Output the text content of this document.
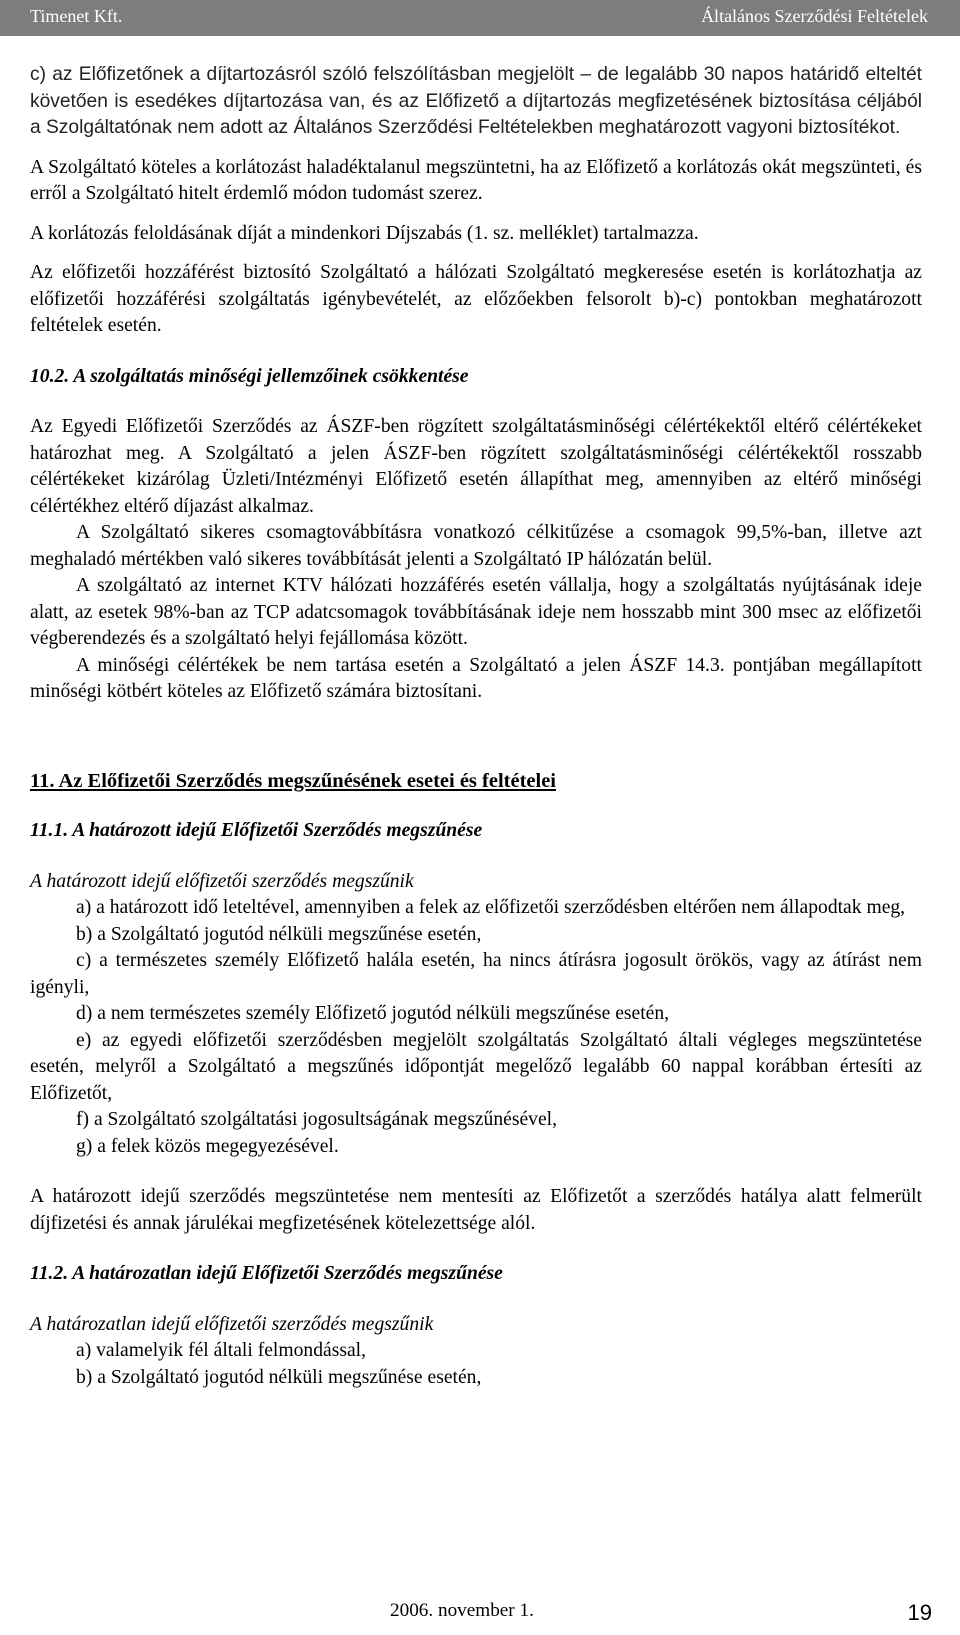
Timenet Kft.	Általános Szerződési Feltételek

c) az Előfizetőnek a díjtartozásról szóló felszólításban megjelölt – de legalább 30 napos határidő elteltét követően is esedékes díjtartozása van, és az Előfizető a díjtartozás megfizetésének biztosítása céljából a Szolgáltatónak nem adott az Általános Szerződési Feltételekben meghatározott vagyoni biztosítékot.

A Szolgáltató köteles a korlátozást haladéktalanul megszüntetni, ha az Előfizető a korlátozás okát megszünteti, és erről a Szolgáltató hitelt érdemlő módon tudomást szerez.

A korlátozás feloldásának díját a mindenkori Díjszabás (1. sz. melléklet) tartalmazza.

Az előfizetői hozzáférést biztosító Szolgáltató a hálózati Szolgáltató megkeresése esetén is korlátozhatja az előfizetői hozzáférési szolgáltatás igénybevételét, az előzőekben felsorolt b)-c) pontokban meghatározott feltételek esetén.

10.2. A szolgáltatás minőségi jellemzőinek csökkentése

Az Egyedi Előfizetői Szerződés az ÁSZF-ben rögzített szolgáltatásminőségi célértékektől eltérő célértékeket határozhat meg. A Szolgáltató a jelen ÁSZF-ben rögzített szolgáltatásminőségi célértékektől rosszabb célértékeket kizárólag Üzleti/Intézményi Előfizető esetén állapíthat meg, amennyiben az eltérő minőségi célértékhez eltérő díjazást alkalmaz.

A Szolgáltató sikeres csomagtovábbításra vonatkozó célkitűzése a csomagok 99,5%-ban, illetve azt meghaladó mértékben való sikeres továbbítását jelenti a Szolgáltató IP hálózatán belül.

A szolgáltató az internet KTV hálózati hozzáférés esetén vállalja, hogy a szolgáltatás nyújtásának ideje alatt, az esetek 98%-ban az TCP adatcsomagok továbbításának ideje nem hosszabb mint 300 msec az előfizetői végberendezés és a szolgáltató helyi fejállomása között.

A minőségi célértékek be nem tartása esetén a Szolgáltató a jelen ÁSZF 14.3. pontjában megállapított minőségi kötbért köteles az Előfizető számára biztosítani.

11. Az Előfizetői Szerződés megszűnésének esetei és feltételei

11.1. A határozott idejű Előfizetői Szerződés megszűnése

A határozott idejű előfizetői szerződés megszűnik

a) a határozott idő leteltével, amennyiben a felek az előfizetői szerződésben eltérően nem állapodtak meg,

b) a Szolgáltató jogutód nélküli megszűnése esetén,

c) a természetes személy Előfizető halála esetén, ha nincs átírásra jogosult örökös, vagy az átírást nem igényli,

d) a nem természetes személy Előfizető jogutód nélküli megszűnése esetén,

e) az egyedi előfizetői szerződésben megjelölt szolgáltatás Szolgáltató általi végleges megszüntetése esetén, melyről a Szolgáltató a megszűnés időpontját megelőző legalább 60 nappal korábban értesíti az Előfizetőt,

f) a Szolgáltató szolgáltatási jogosultságának megszűnésével,

g) a felek közös megegyezésével.

A határozott idejű szerződés megszüntetése nem mentesíti az Előfizetőt a szerződés hatálya alatt felmerült díjfizetési és annak járulékai megfizetésének kötelezettsége alól.

11.2. A határozatlan idejű Előfizetői Szerződés megszűnése

A határozatlan idejű előfizetői szerződés megszűnik

a) valamelyik fél általi felmondással,

b) a Szolgáltató jogutód nélküli megszűnése esetén,

2006. november 1.	19
